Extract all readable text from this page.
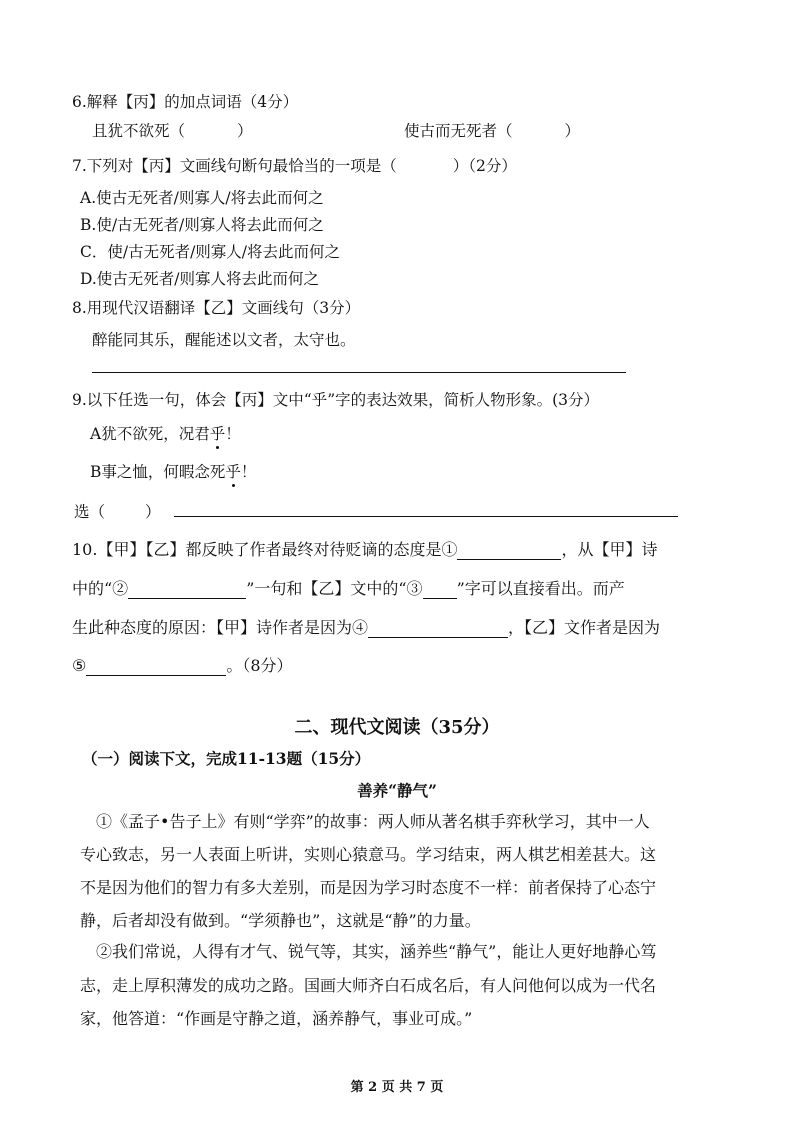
6.解释【丙】的加点词语（4分）
且犹不欲死（	）	使古而无死者（	）
7.下列对【丙】文画线句断句最恰当的一项是（	）（2分）
A.使古无死者/则寡人/将去此而何之
B.使/古无死者/则寡人将去此而何之
C．使/古无死者/则寡人/将去此而何之
D.使古无死者/则寡人将去此而何之
8.用现代汉语翻译【乙】文画线句（3分）
醉能同其乐，醒能述以文者，太守也。
9.以下任选一句，体会【丙】文中“乎”字的表达效果，简析人物形象。(3分）
A犹不欲死，况君乎！
B事之恤，何暇念死乎！
选（	）
10.【甲】【乙】都反映了作者最终对待贬谪的态度是①	，从【甲】诗
中的“②	”一句和【乙】文中的“③ ”字可以直接看出。而产
生此种态度的原因：【甲】诗作者是因为④	，【乙】文作者是因为
⑤	。（8分）
二、现代文阅读（35分）
（一）阅读下文，完成11-13题（15分）
善养“静气”
①《孟子•告子上》有则“学弈”的故事：两人师从著名棋手弈秋学习，其中一人
专心致志，另一人表面上听讲，实则心猿意马。学习结束，两人棋艺相差甚大。这
不是因为他们的智力有多大差别，而是因为学习时态度不一样：前者保持了心态宁
静，后者却没有做到。“学须静也”，这就是“静”的力量。
②我们常说，人得有才气、锐气等，其实，涵养些“静气”，能让人更好地静心笃
志，走上厚积薄发的成功之路。国画大师齐白石成名后，有人问他何以成为一代名
家，他答道：“作画是守静之道，涵养静气，事业可成。”
第 2 页 共 7 页
